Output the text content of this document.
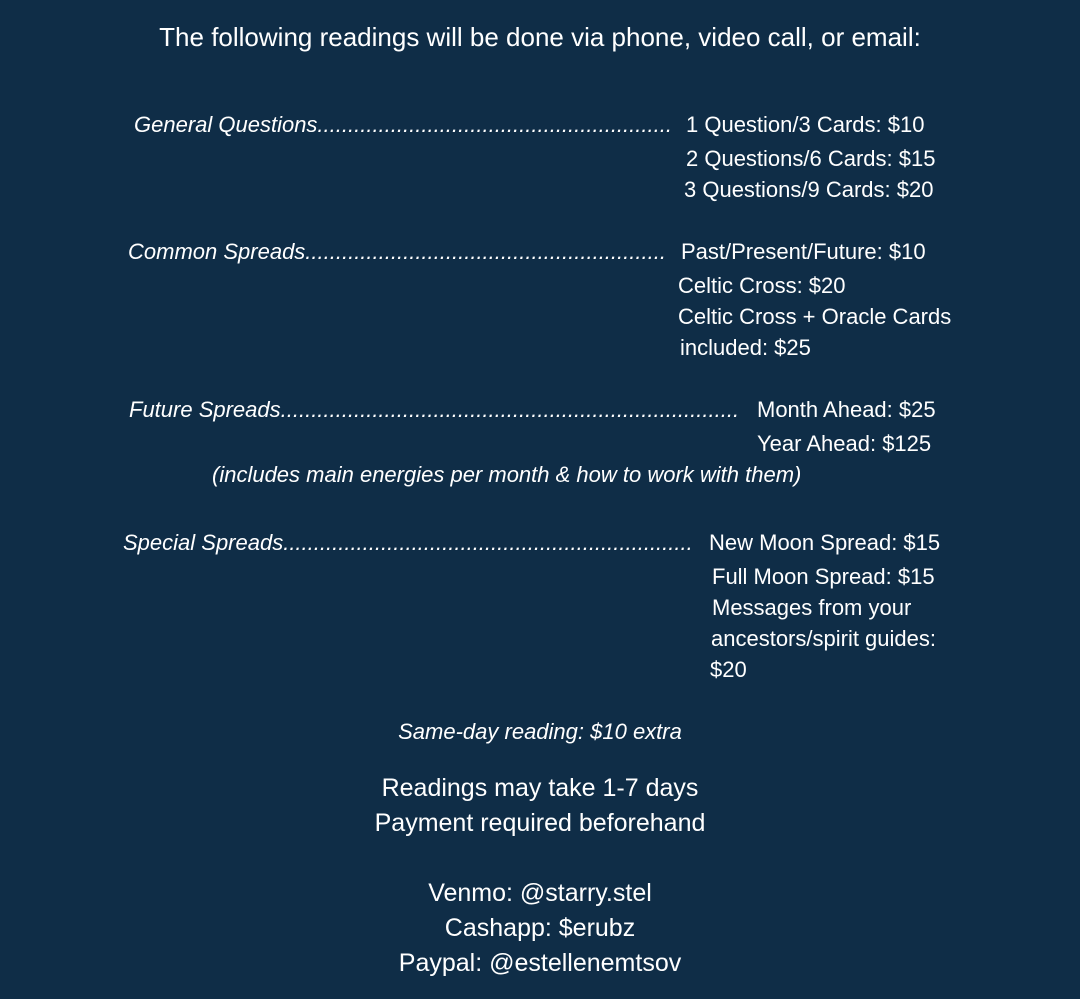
The following readings will be done via phone, video call, or email:
General Questions.......................................................... 1 Question/3 Cards: $10
2 Questions/6 Cards: $15
3 Questions/9 Cards: $20
Common Spreads........................................................... Past/Present/Future: $10
Celtic Cross: $20
Celtic Cross + Oracle Cards
included: $25
Future Spreads........................................................................... Month Ahead: $25
Year Ahead: $125
(includes main energies per month & how to work with them)
Special Spreads................................................................... New Moon Spread: $15
Full Moon Spread: $15
Messages from your
ancestors/spirit guides:
$20
Same-day reading: $10 extra
Readings may take 1-7 days
Payment required beforehand
Venmo: @starry.stel
Cashapp: $erubz
Paypal: @estellenemtsov
